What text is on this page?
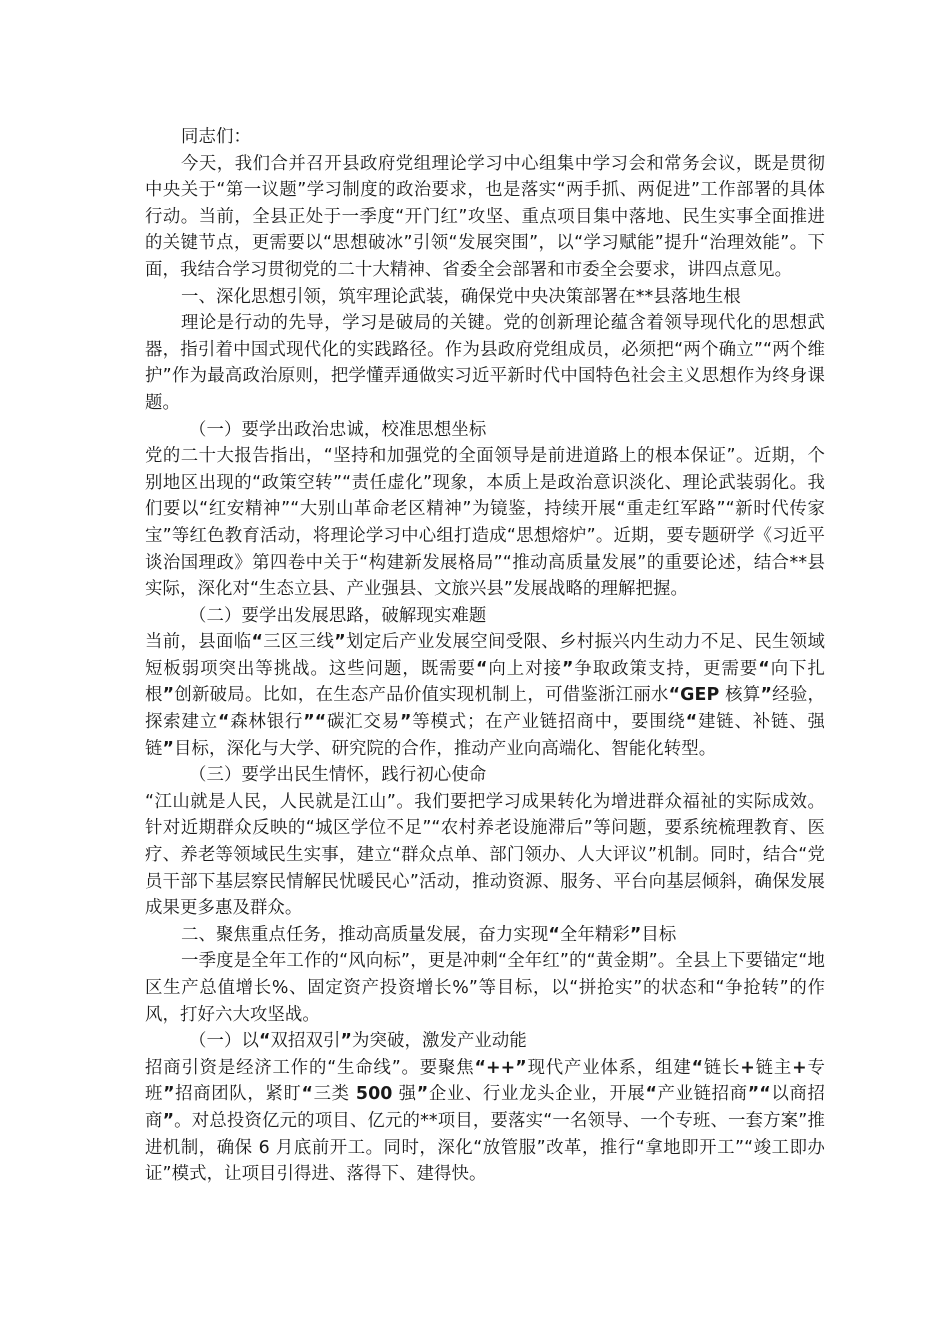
同志们：
今天，我们合并召开县政府党组理论学习中心组集中学习会和常务会议，既是贯彻中央关于“第一议题”学习制度的政治要求，也是落实“两手抓、两促进”工作部署的具体行动。当前，全县正处于一季度“开门红”攻坚、重点项目集中落地、民生实事全面推进的关键节点，更需要以“思想破冰”引领“发展突围”，以“学习赋能”提升“治理效能”。下面，我结合学习贯彻党的二十大精神、省委全会部署和市委全会要求，讲四点意见。
一、深化思想引领，筑牢理论武装，确保党中央决策部署在**县落地生根
理论是行动的先导，学习是破局的关键。党的创新理论蕴含着领导现代化的思想武器，指引着中国式现代化的实践路径。作为县政府党组成员，必须把“两个确立”“两个维护”作为最高政治原则，把学懂弄通做实习近平新时代中国特色社会主义思想作为终身课题。
（一）要学出政治忠诚，校准思想坐标
党的二十大报告指出，“坚持和加强党的全面领导是前进道路上的根本保证”。近期，个别地区出现的“政策空转”“责任虚化”现象，本质上是政治意识淡化、理论武装弱化。我们要以“红安精神”“大别山革命老区精神”为镜鉴，持续开展“重走红军路”“新时代传家宝”等红色教育活动，将理论学习中心组打造成“思想熔炉”。近期，要专题研学《习近平谈治国理政》第四卷中关于“构建新发展格局”“推动高质量发展”的重要论述，结合**县实际，深化对“生态立县、产业强县、文旅兴县”发展战略的理解把握。
（二）要学出发展思路，破解现实难题
当前，县面临“三区三线”划定后产业发展空间受限、乡村振兴内生动力不足、民生领域短板弱项突出等挑战。这些问题，既需要“向上对接”争取政策支持，更需要“向下扎根”创新破局。比如，在生态产品价值实现机制上，可借鉴浙江丽水“GEP 核算”经验，探索建立“森林银行”“碳汇交易”等模式；在产业链招商中，要围绕“建链、补链、强链”目标，深化与大学、研究院的合作，推动产业向高端化、智能化转型。
（三）要学出民生情怀，践行初心使命
“江山就是人民，人民就是江山”。我们要把学习成果转化为增进群众福祉的实际成效。针对近期群众反映的“城区学位不足”“农村养老设施滞后”等问题，要系统梳理教育、医疗、养老等领域民生实事，建立“群众点单、部门领办、人大评议”机制。同时，结合“党员干部下基层察民情解民忧暖民心”活动，推动资源、服务、平台向基层倾斜，确保发展成果更多惠及群众。
二、聚焦重点任务，推动高质量发展，奋力实现“全年精彩”目标
一季度是全年工作的“风向标”，更是冲刺“全年红”的“黄金期”。全县上下要锚定“地区生产总值增长%、固定资产投资增长%”等目标，以“拼抢实”的状态和“争抢转”的作风，打好六大攻坚战。
（一）以“双招双引”为突破，激发产业动能
招商引资是经济工作的“生命线”。要聚焦“++”现代产业体系，组建“链长+链主+专班”招商团队，紧盯“三类 500 强”企业、行业龙头企业，开展“产业链招商”“以商招商”。对总投资亿元的项目、亿元的**项目，要落实“一名领导、一个专班、一套方案”推进机制，确保 6 月底前开工。同时，深化“放管服”改革，推行“拿地即开工”“竣工即办证”模式，让项目引得进、落得下、建得快。
